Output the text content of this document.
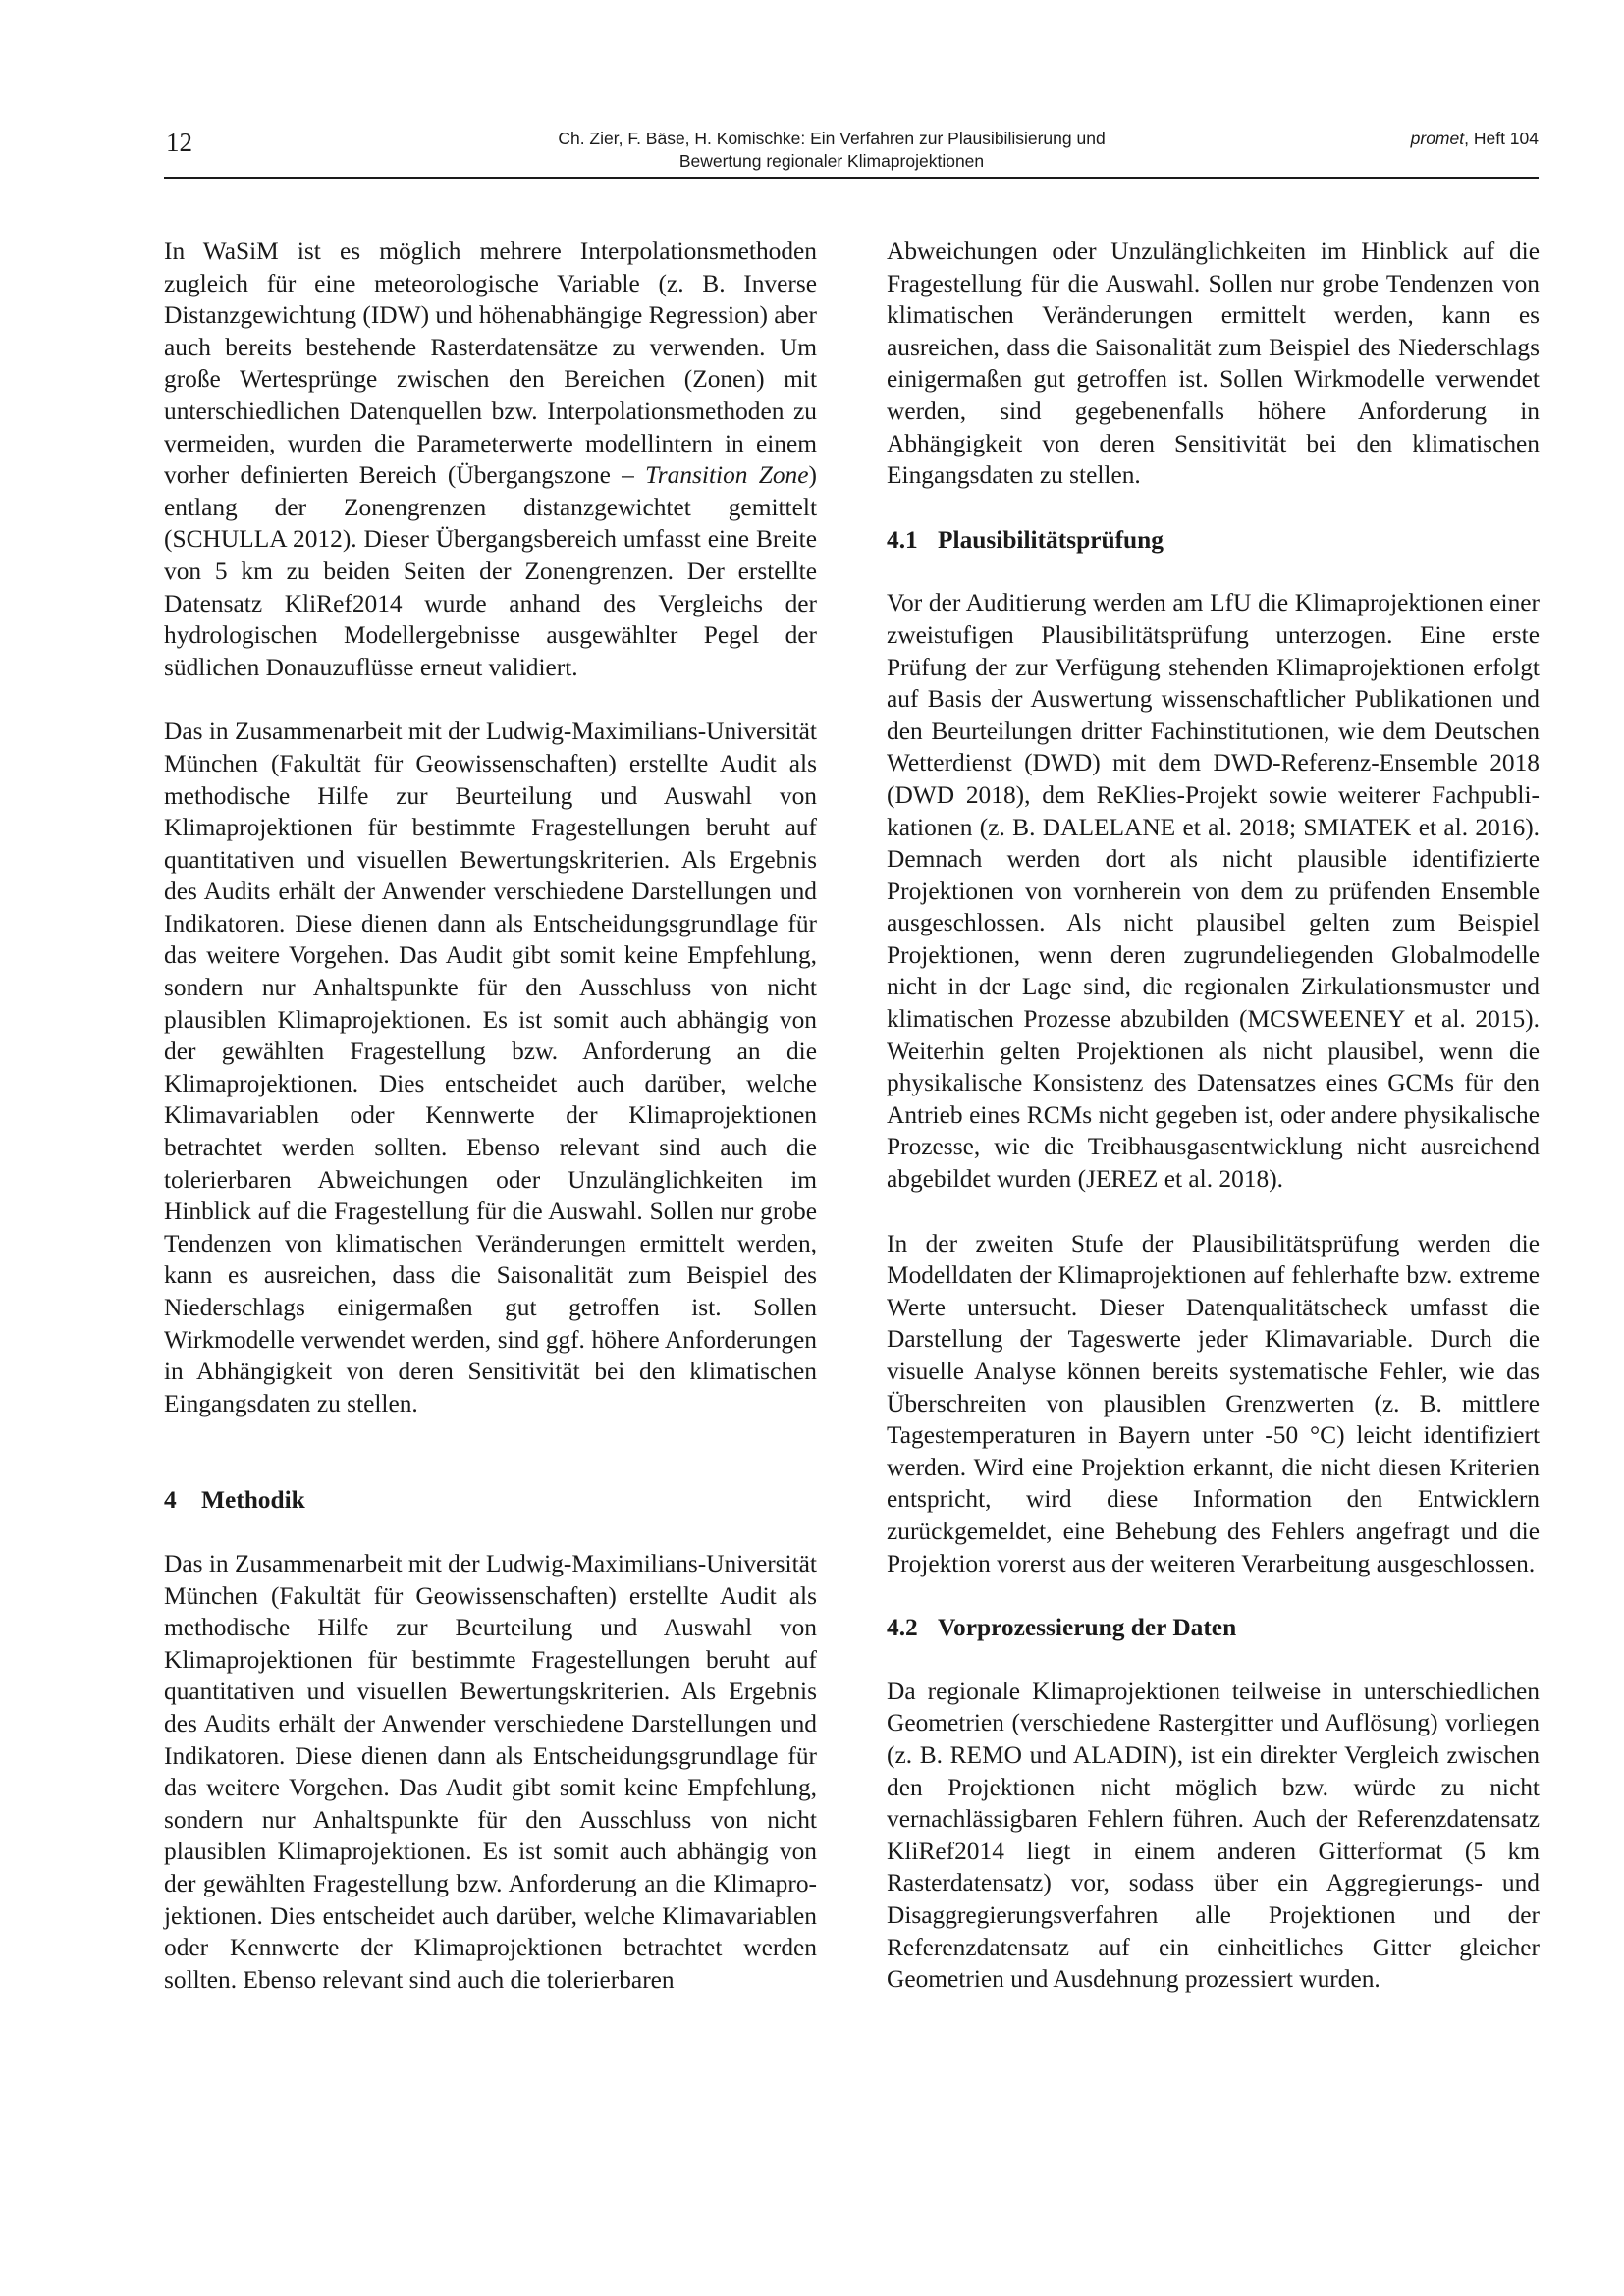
12	Ch. Zier, F. Bäse, H. Komischke: Ein Verfahren zur Plausibilisierung und
Bewertung regionaler Klimaprojektionen
promet, Heft 104

In WaSiM ist es möglich mehrere Interpolationsmethoden zugleich für eine meteorologische Variable (z. B. Inverse Distanzgewichtung (IDW) und höhenabhängige Regression) aber auch bereits bestehende Rasterdatensätze zu verwenden. Um große Wertesprünge zwischen den Bereichen (Zonen) mit unterschiedlichen Datenquellen bzw. Interpolationsmethoden zu vermeiden, wurden die Parameterwerte modellintern in einem vorher definierten Bereich (Übergangszone – Transition Zone) entlang der Zonengrenzen distanzgewichtet gemittelt (SCHULLA 2012). Dieser Übergangsbereich umfasst eine Breite von 5 km zu beiden Seiten der Zonengrenzen. Der erstellte Datensatz KliRef2014 wurde anhand des Vergleichs der hydrologischen Modellergebnisse ausgewählter Pegel der südlichen Donauzuflüsse erneut validiert.

Das in Zusammenarbeit mit der Ludwig-Maximilians-Universität München (Fakultät für Geowissenschaften) erstellte Audit als methodische Hilfe zur Beurteilung und Auswahl von Klimaprojektionen für bestimmte Fragestellungen beruht auf quantitativen und visuellen Bewertungskriterien. Als Ergebnis des Audits erhält der Anwender verschiedene Darstellungen und Indikatoren. Diese dienen dann als Entscheidungsgrundlage für das weitere Vorgehen. Das Audit gibt somit keine Empfehlung, sondern nur Anhaltspunkte für den Ausschluss von nicht plausiblen Klimaprojektionen. Es ist somit auch abhängig von der gewählten Fragestellung bzw. Anforderung an die Klimaprojektionen. Dies entscheidet auch darüber, welche Klimavariablen oder Kennwerte der Klimaprojektionen betrachtet werden sollten. Ebenso relevant sind auch die tolerierbaren Abweichungen oder Unzulänglichkeiten im Hinblick auf die Fragestellung für die Auswahl. Sollen nur grobe Tendenzen von klimatischen Veränderungen ermittelt werden, kann es ausreichen, dass die Saisonalität zum Beispiel des Niederschlags einigermaßen gut getroffen ist. Sollen Wirkmodelle verwendet werden, sind ggf. höhere Anforderungen in Abhängigkeit von deren Sensitivität bei den klimatischen Eingangsdaten zu stellen.

4 Methodik

Das in Zusammenarbeit mit der Ludwig-Maximilians-Universität München (Fakultät für Geowissenschaften) erstellte Audit als methodische Hilfe zur Beurteilung und Auswahl von Klimaprojektionen für bestimmte Fragestellungen beruht auf quantitativen und visuellen Bewertungskriterien. Als Ergebnis des Audits erhält der Anwender verschiedene Darstellungen und Indikatoren. Diese dienen dann als Entscheidungsgrundlage für das weitere Vorgehen. Das Audit gibt somit keine Empfehlung, sondern nur Anhaltspunkte für den Ausschluss von nicht plausiblen Klimaprojektionen. Es ist somit auch abhängig von der gewählten Fragestellung bzw. Anforderung an die Klimaprojektionen. Dies entscheidet auch darüber, welche Klimavariablen oder Kennwerte der Klimaprojektionen betrachtet werden sollten. Ebenso relevant sind auch die tolerierbaren

Abweichungen oder Unzulänglichkeiten im Hinblick auf die Fragestellung für die Auswahl. Sollen nur grobe Tendenzen von klimatischen Veränderungen ermittelt werden, kann es ausreichen, dass die Saisonalität zum Beispiel des Niederschlags einigermaßen gut getroffen ist. Sollen Wirkmodelle verwendet werden, sind gegebenenfalls höhere Anforderung in Abhängigkeit von deren Sensitivität bei den klimatischen Eingangsdaten zu stellen.

4.1 Plausibilitätsprüfung

Vor der Auditierung werden am LfU die Klimaprojektionen einer zweistufigen Plausibilitätsprüfung unterzogen. Eine erste Prüfung der zur Verfügung stehenden Klimaprojektionen erfolgt auf Basis der Auswertung wissenschaftlicher Publikationen und den Beurteilungen dritter Fachinstitutionen, wie dem Deutschen Wetterdienst (DWD) mit dem DWD-Referenz-Ensemble 2018 (DWD 2018), dem ReKlies-Projekt sowie weiterer Fachpublikationen (z. B. DALELANE et al. 2018; SMIATEK et al. 2016). Demnach werden dort als nicht plausible identifizierte Projektionen von vornherein von dem zu prüfenden Ensemble ausgeschlossen. Als nicht plausibel gelten zum Beispiel Projektionen, wenn deren zugrundeliegenden Globalmodelle nicht in der Lage sind, die regionalen Zirkulationsmuster und klimatischen Prozesse abzubilden (MCSWEENEY et al. 2015). Weiterhin gelten Projektionen als nicht plausibel, wenn die physikalische Konsistenz des Datensatzes eines GCMs für den Antrieb eines RCMs nicht gegeben ist, oder andere physikalische Prozesse, wie die Treibhausgasentwicklung nicht ausreichend abgebildet wurden (JEREZ et al. 2018).

In der zweiten Stufe der Plausibilitätsprüfung werden die Modelldaten der Klimaprojektionen auf fehlerhafte bzw. extreme Werte untersucht. Dieser Datenqualitätscheck umfasst die Darstellung der Tageswerte jeder Klimavariable. Durch die visuelle Analyse können bereits systematische Fehler, wie das Überschreiten von plausiblen Grenzwerten (z. B. mittlere Tagestemperaturen in Bayern unter -50 °C) leicht identifiziert werden. Wird eine Projektion erkannt, die nicht diesen Kriterien entspricht, wird diese Information den Entwicklern zurückgemeldet, eine Behebung des Fehlers angefragt und die Projektion vorerst aus der weiteren Verarbeitung ausgeschlossen.

4.2 Vorprozessierung der Daten

Da regionale Klimaprojektionen teilweise in unterschiedlichen Geometrien (verschiedene Rastergitter und Auflösung) vorliegen (z. B. REMO und ALADIN), ist ein direkter Vergleich zwischen den Projektionen nicht möglich bzw. würde zu nicht vernachlässigbaren Fehlern führen. Auch der Referenzdatensatz KliRef2014 liegt in einem anderen Gitterformat (5 km Rasterdatensatz) vor, sodass über ein Aggregierungs- und Disaggregierungsverfahren alle Projektionen und der Referenzdatensatz auf ein einheitliches Gitter gleicher Geometrien und Ausdehnung prozessiert wurden.
